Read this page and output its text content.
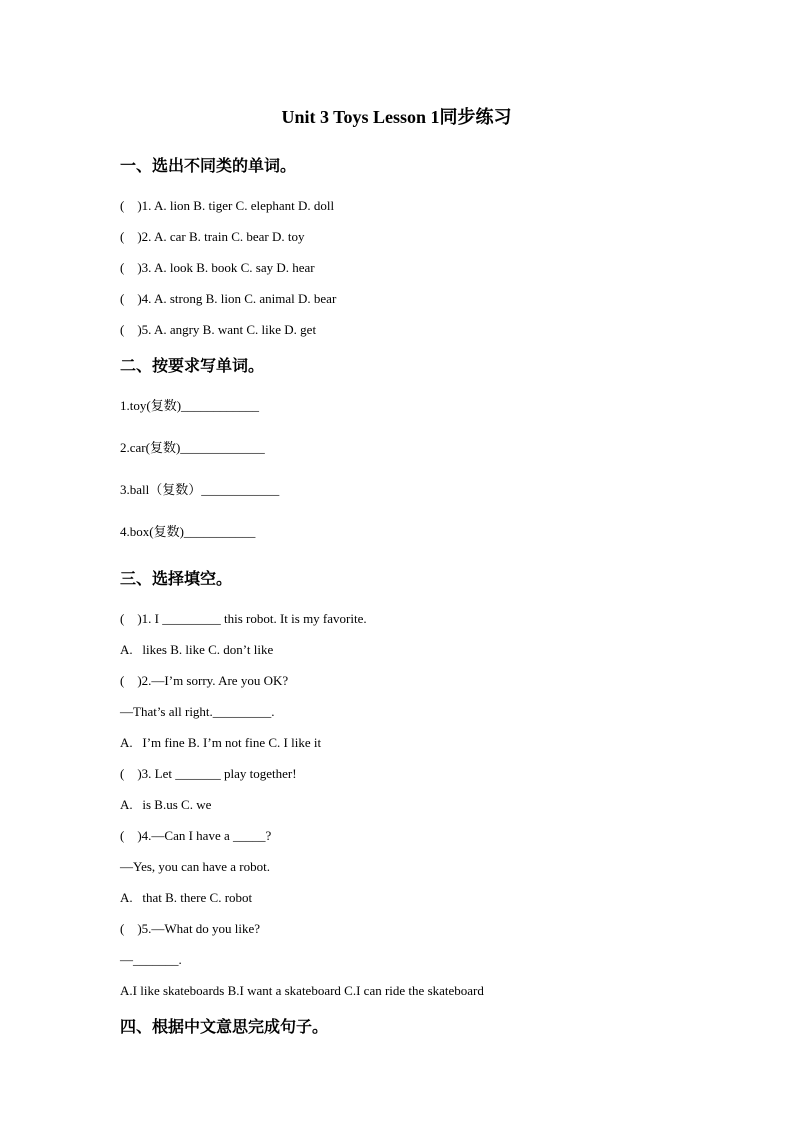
Unit 3 Toys Lesson 1同步练习
一、选出不同类的单词。
(　)1. A. lion B. tiger C. elephant D. doll
(　)2. A. car B. train C. bear D. toy
(　)3. A. look B. book C. say D. hear
(　)4. A. strong B. lion C. animal D. bear
(　)5. A. angry B. want C. like D. get
二、按要求写单词。
1.toy(复数)____________
2.car(复数)_____________
3.ball（复数）____________
4.box(复数)___________
三、选择填空。
(　)1. I _________ this robot. It is my favorite.
A.   likes B. like C. don’t like
(　)2.—I’m sorry. Are you OK?
—That’s all right._________.
A.   I’m fine B. I’m not fine C. I like it
(　)3. Let _______ play together!
A.   is B.us C. we
(　)4.—Can I have a _____?
—Yes, you can have a robot.
A.   that B. there C. robot
(　)5.—What do you like?
—_______.
A.I like skateboards B.I want a skateboard C.I can ride the skateboard
四、根据中文意思完成句子。
